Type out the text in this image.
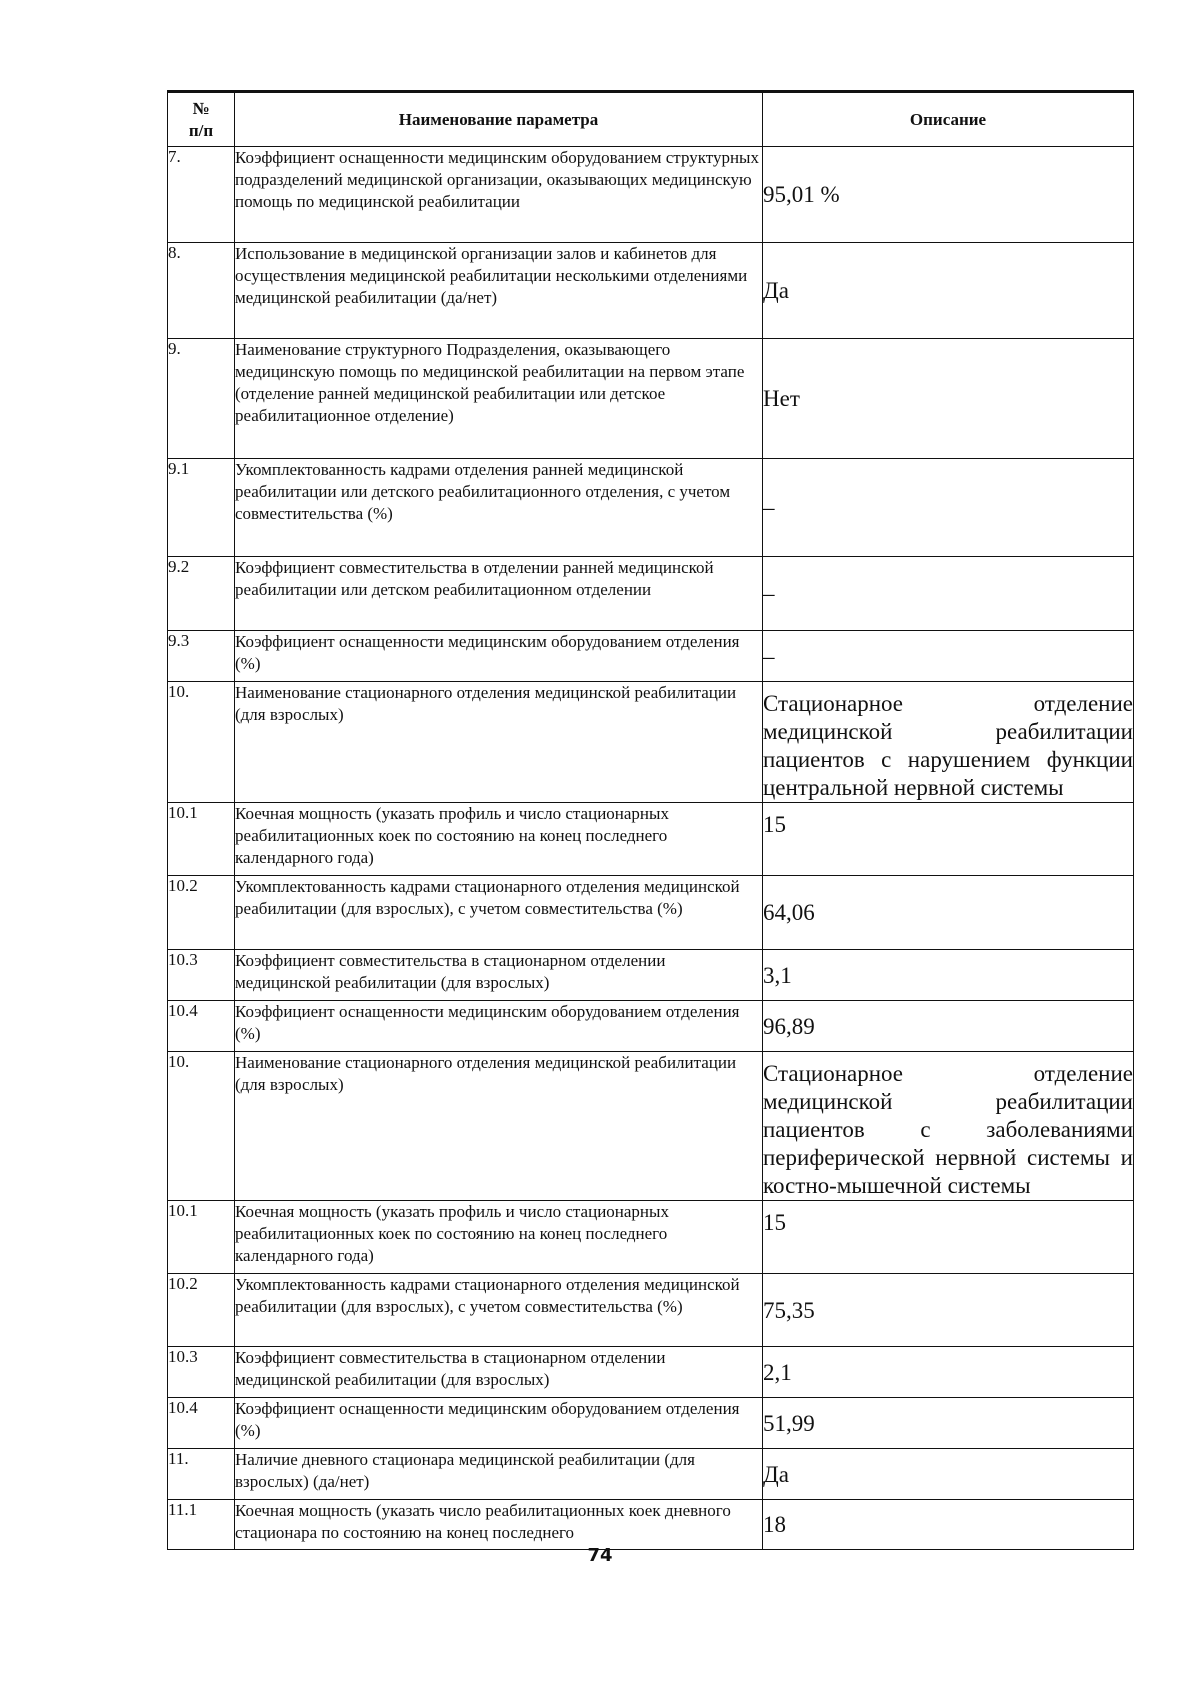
№
п/п	Наименование параметра	Описание
7.	Коэффициент оснащенности медицинским оборудованием структурных подразделений медицинской организации, оказывающих медицинскую помощь по медицинской реабилитации	95,01 %
8.	Использование в медицинской организации залов и кабинетов для осуществления медицинской реабилитации несколькими отделениями медицинской реабилитации (да/нет)	Да
9.	Наименование структурного Подразделения, оказывающего медицинскую помощь по медицинской реабилитации на первом этапе (отделение ранней медицинской реабилитации или детское реабилитационное отделение)	Нет
9.1	Укомплектованность кадрами отделения ранней медицинской реабилитации или детского реабилитационного отделения, с учетом совместительства (%)	–
9.2	Коэффициент совместительства в отделении ранней медицинской реабилитации или детском реабилитационном отделении	–
9.3	Коэффициент оснащенности медицинским оборудованием отделения (%)	–
10.	Наименование стационарного отделения медицинской реабилитации (для взрослых)	Стационарное отделение медицинской реабилитации пациентов с нарушением функции центральной нервной системы
10.1	Коечная мощность (указать профиль и число стационарных реабилитационных коек по состоянию на конец последнего календарного года)	15
10.2	Укомплектованность кадрами стационарного отделения медицинской реабилитации (для взрослых), с учетом совместительства (%)	64,06
10.3	Коэффициент совместительства в стационарном отделении медицинской реабилитации (для взрослых)	3,1
10.4	Коэффициент оснащенности медицинским оборудованием отделения (%)	96,89
10.	Наименование стационарного отделения медицинской реабилитации (для взрослых)	Стационарное отделение медицинской реабилитации пациентов с заболеваниями периферической нервной системы и костно-мышечной системы
10.1	Коечная мощность (указать профиль и число стационарных реабилитационных коек по состоянию на конец последнего календарного года)	15
10.2	Укомплектованность кадрами стационарного отделения медицинской реабилитации (для взрослых), с учетом совместительства (%)	75,35
10.3	Коэффициент совместительства в стационарном отделении медицинской реабилитации (для взрослых)	2,1
10.4	Коэффициент оснащенности медицинским оборудованием отделения (%)	51,99
11.	Наличие дневного стационара медицинской реабилитации (для взрослых) (да/нет)	Да
11.1	Коечная мощность (указать число реабилитационных коек дневного стационара по состоянию на конец последнего	18
74
